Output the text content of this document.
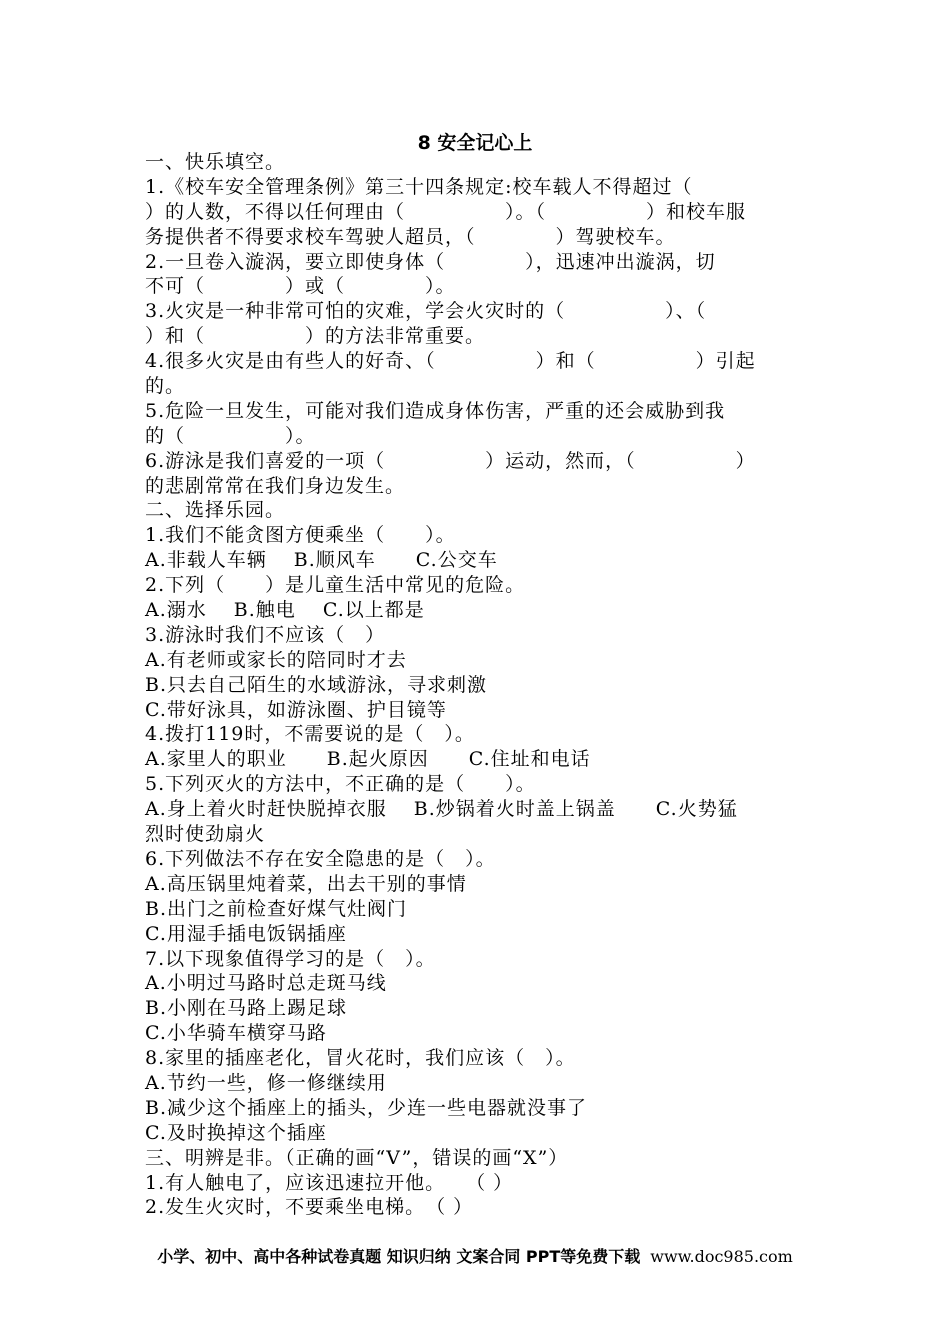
8 安全记心上
一、快乐填空。
1.《校车安全管理条例》第三十四条规定:校车载人不得超过（
）的人数，不得以任何理由（　　　　　）。（　　　　　）和校车服
务提供者不得要求校车驾驶人超员，（　　　　）驾驶校车。
2.一旦卷入漩涡，要立即使身体（　　　　），迅速冲出漩涡，切
不可（　　　　）或（　　　　）。
3.火灾是一种非常可怕的灾难，学会火灾时的（　　　　　）、（
）和（　　　　　）的方法非常重要。
4.很多火灾是由有些人的好奇、（　　　　　）和（　　　　　）引起
的。
5.危险一旦发生，可能对我们造成身体伤害，严重的还会威胁到我
的（　　　　　）。
6.游泳是我们喜爱的一项（　　　　　）运动，然而，（　　　　　）
的悲剧常常在我们身边发生。
二、选择乐园。
1.我们不能贪图方便乘坐（　　）。
A.非载人车辆　 B.顺风车　　C.公交车
2.下列（　　）是儿童生活中常见的危险。
A.溺水　 B.触电　 C.以上都是
3.游泳时我们不应该（　）
A.有老师或家长的陪同时才去
B.只去自己陌生的水域游泳，寻求刺激
C.带好泳具，如游泳圈、护目镜等
4.拨打119时，不需要说的是（　）。
A.家里人的职业　　B.起火原因　　C.住址和电话
5.下列灭火的方法中，不正确的是（　　）。
A.身上着火时赶快脱掉衣服　 B.炒锅着火时盖上锅盖　　C.火势猛
烈时使劲扇火
6.下列做法不存在安全隐患的是（　）。
A.高压锅里炖着菜，出去干别的事情
B.出门之前检查好煤气灶阀门
C.用湿手插电饭锅插座
7.以下现象值得学习的是（　）。
A.小明过马路时总走斑马线
B.小刚在马路上踢足球
C.小华骑车横穿马路
8.家里的插座老化，冒火花时，我们应该（　）。
A.节约一些，修一修继续用
B.减少这个插座上的插头，少连一些电器就没事了
C.及时换掉这个插座
三、明辨是非。（正确的画“V”，错误的画“X”）
1.有人触电了，应该迅速拉开他。　　（ ）
2.发生火灾时，不要乘坐电梯。　（ ）
小学、初中、高中各种试卷真题 知识归纳 文案合同 PPT等免费下载 www.doc985.com
